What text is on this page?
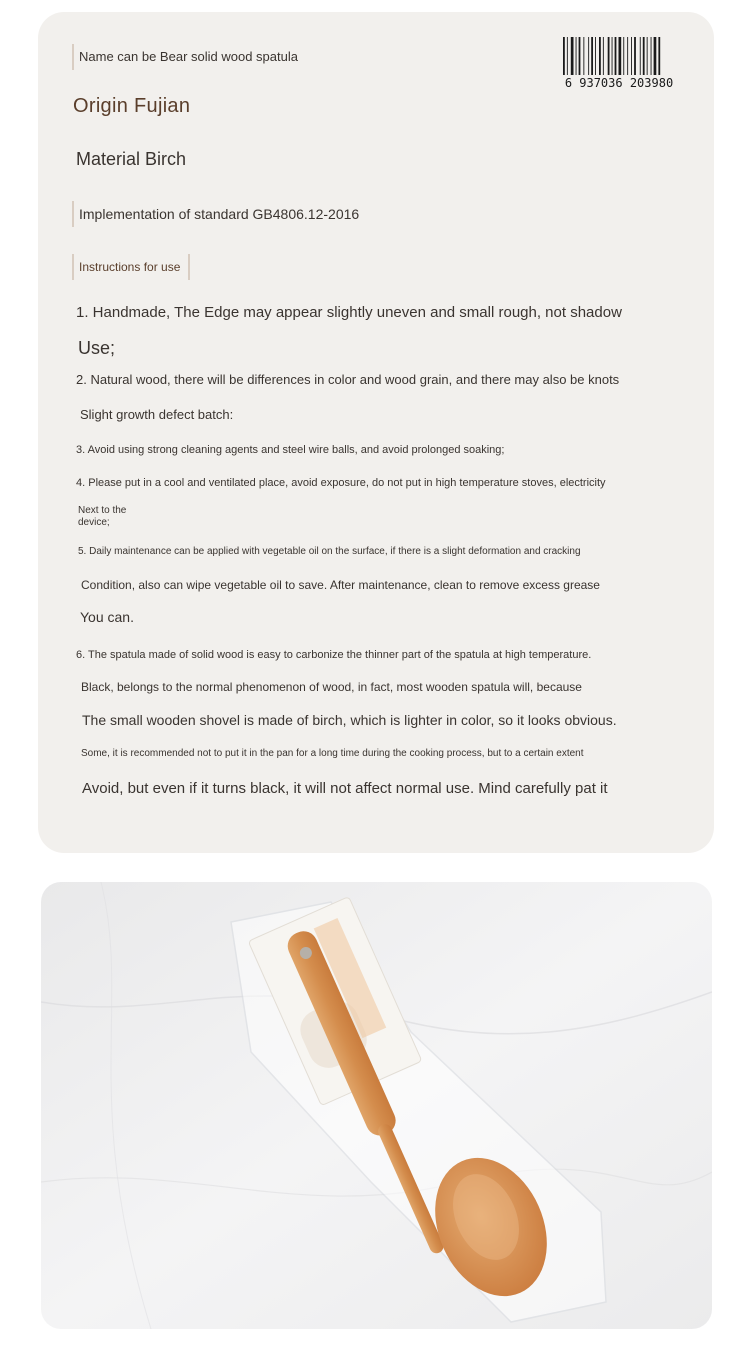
Name can be Bear solid wood spatula
6 937036 203980
Origin Fujian
Material Birch
Implementation of standard GB4806.12-2016
Instructions for use
1. Handmade, The Edge may appear slightly uneven and small rough, not shadow
Use;
2. Natural wood, there will be differences in color and wood grain, and there may also be knots
Slight growth defect batch:
3. Avoid using strong cleaning agents and steel wire balls, and avoid prolonged soaking;
4. Please put in a cool and ventilated place, avoid exposure, do not put in high temperature stoves, electricity
Next to the device;
5. Daily maintenance can be applied with vegetable oil on the surface, if there is a slight deformation and cracking
Condition, also can wipe vegetable oil to save. After maintenance, clean to remove excess grease
You can.
6. The spatula made of solid wood is easy to carbonize the thinner part of the spatula at high temperature.
Black, belongs to the normal phenomenon of wood, in fact, most wooden spatula will, because
The small wooden shovel is made of birch, which is lighter in color, so it looks obvious.
Some, it is recommended not to put it in the pan for a long time during the cooking process, but to a certain extent
Avoid, but even if it turns black, it will not affect normal use. Mind carefully pat it
